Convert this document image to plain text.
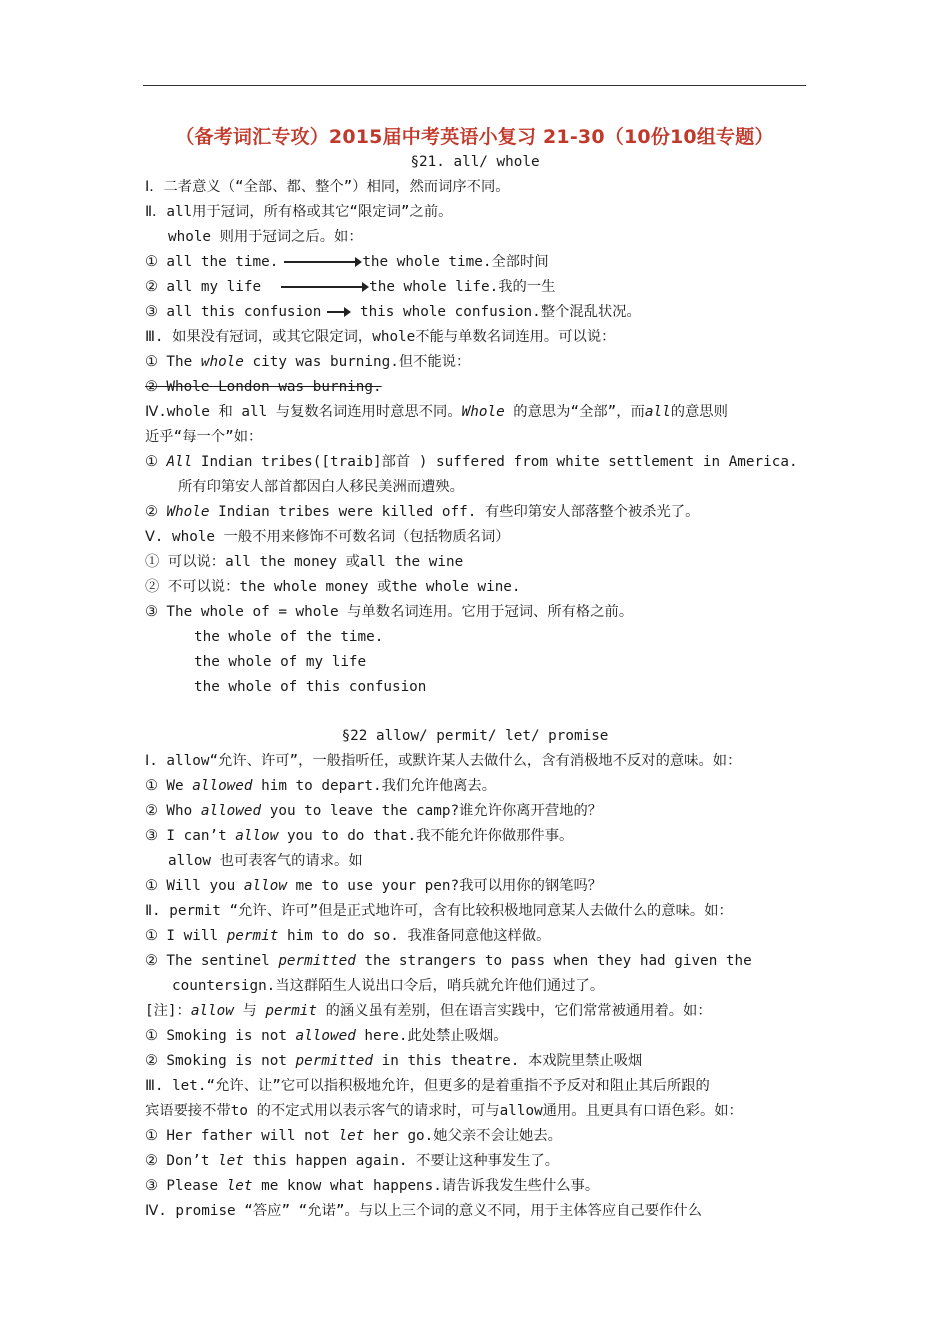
（备考词汇专攻）2015届中考英语小复习 21-30（10份10组专题）
§21. all/ whole
Ⅰ．二者意义（“全部、都、整个”）相同，然而词序不同。
Ⅱ．all用于冠词，所有格或其它“限定词”之前。
whole 则用于冠词之后。如：
① all the time.	the whole time.全部时间
② all my life	the whole life.我的一生
③ all this confusion this whole confusion.整个混乱状况。
Ⅲ. 如果没有冠词，或其它限定词，whole不能与单数名词连用。可以说：
① The whole city was burning.但不能说：
② Whole London was burning.
Ⅳ.whole 和 all 与复数名词连用时意思不同。Whole 的意思为“全部”，而all的意思则
近乎“每一个”如：
① All Indian tribes([traib]部首 ) suffered from white settlement in America.
所有印第安人部首都因白人移民美洲而遭殃。
② Whole Indian tribes were killed off. 有些印第安人部落整个被杀光了。
Ⅴ. whole 一般不用来修饰不可数名词（包括物质名词）
① 可以说：all the money 或all the wine
② 不可以说：the whole money 或the whole wine.
③ The whole of = whole 与单数名词连用。它用于冠词、所有格之前。
the whole of the time.
the whole of my life
the whole of this confusion
§22 allow/ permit/ let/ promise
Ⅰ. allow“允许、许可”，一般指听任，或默许某人去做什么，含有消极地不反对的意味。如：
① We allowed him to depart.我们允许他离去。
② Who allowed you to leave the camp?谁允许你离开营地的？
③ I can’t allow you to do that.我不能允许你做那件事。
allow 也可表客气的请求。如
① Will you allow me to use your pen?我可以用你的钢笔吗？
Ⅱ. permit “允许、许可”但是正式地许可，含有比较积极地同意某人去做什么的意味。如：
① I will permit him to do so. 我准备同意他这样做。
② The sentinel permitted the strangers to pass when they had given the
countersign.当这群陌生人说出口令后，哨兵就允许他们通过了。
[注]：allow 与 permit 的涵义虽有差别，但在语言实践中，它们常常被通用着。如：
① Smoking is not allowed here.此处禁止吸烟。
② Smoking is not permitted in this theatre. 本戏院里禁止吸烟
Ⅲ. let.“允许、让”它可以指积极地允许，但更多的是着重指不予反对和阻止其后所跟的
宾语要接不带to 的不定式用以表示客气的请求时，可与allow通用。且更具有口语色彩。如：
① Her father will not let her go.她父亲不会让她去。
② Don’t let this happen again. 不要让这种事发生了。
③ Please let me know what happens.请告诉我发生些什么事。
Ⅳ. promise “答应” “允诺”。与以上三个词的意义不同，用于主体答应自己要作什么
